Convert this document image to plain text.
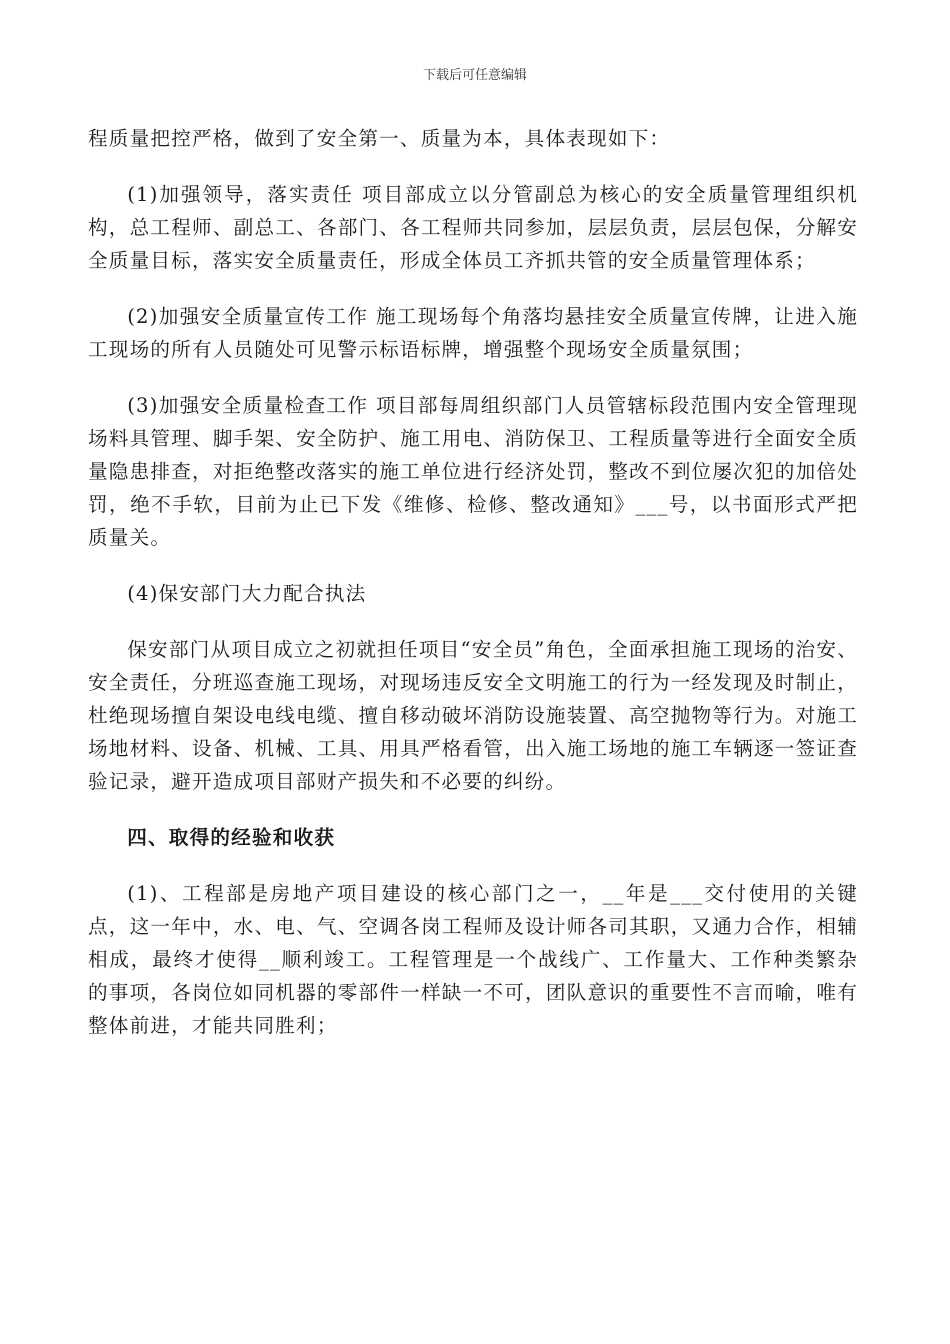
下载后可任意编辑

程质量把控严格，做到了安全第一、质量为本，具体表现如下：

(1)加强领导，落实责任 项目部成立以分管副总为核心的安全质量管理组织机构，总工程师、副总工、各部门、各工程师共同参加，层层负责，层层包保，分解安全质量目标，落实安全质量责任，形成全体员工齐抓共管的安全质量管理体系；

(2)加强安全质量宣传工作 施工现场每个角落均悬挂安全质量宣传牌，让进入施工现场的所有人员随处可见警示标语标牌，增强整个现场安全质量氛围；

(3)加强安全质量检查工作 项目部每周组织部门人员管辖标段范围内安全管理现场料具管理、脚手架、安全防护、施工用电、消防保卫、工程质量等进行全面安全质量隐患排查，对拒绝整改落实的施工单位进行经济处罚，整改不到位屡次犯的加倍处罚，绝不手软，目前为止已下发《维修、检修、整改通知》___号，以书面形式严把质量关。

(4)保安部门大力配合执法

保安部门从项目成立之初就担任项目“安全员”角色，全面承担施工现场的治安、安全责任，分班巡查施工现场，对现场违反安全文明施工的行为一经发现及时制止，杜绝现场擅自架设电线电缆、擅自移动破坏消防设施装置、高空抛物等行为。对施工场地材料、设备、机械、工具、用具严格看管，出入施工场地的施工车辆逐一签证查验记录，避开造成项目部财产损失和不必要的纠纷。

四、取得的经验和收获

(1)、工程部是房地产项目建设的核心部门之一，__年是___交付使用的关键点，这一年中，水、电、气、空调各岗工程师及设计师各司其职，又通力合作，相辅相成，最终才使得__顺利竣工。工程管理是一个战线广、工作量大、工作种类繁杂的事项，各岗位如同机器的零部件一样缺一不可，团队意识的重要性不言而喻，唯有整体前进，才能共同胜利；
